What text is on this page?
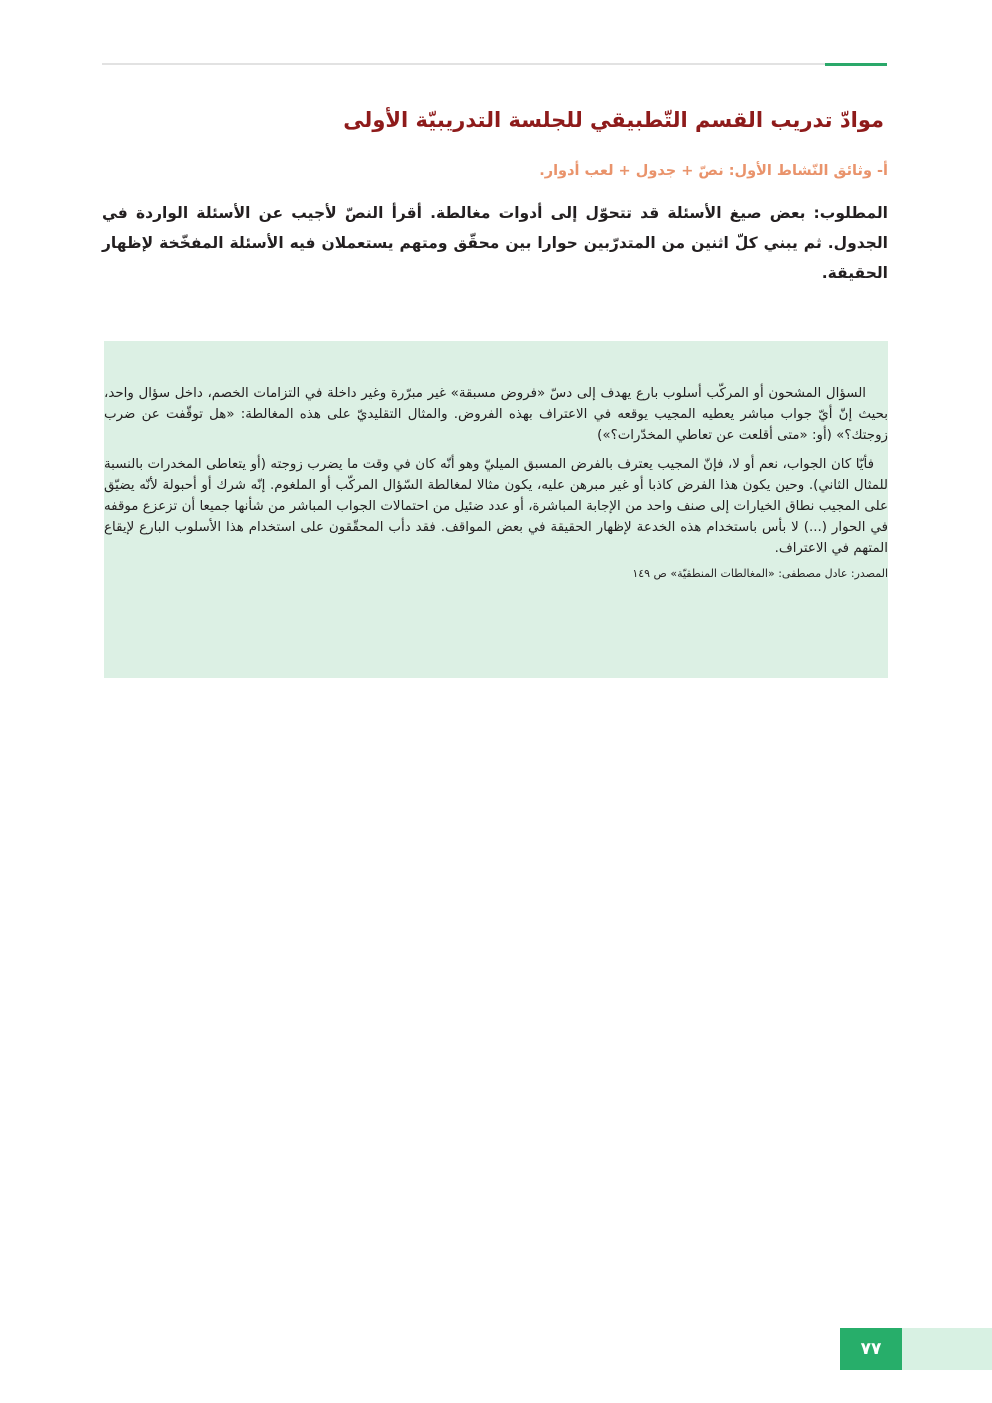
موادّ تدريب القسم التّطبيقي للجلسة التدريبيّة الأولى
أ- وثائق النّشاط الأول: نصّ + جدول + لعب أدوار.

المطلوب: بعض صيغ الأسئلة قد تتحوّل إلى أدوات مغالطة. أقرأ النصّ لأجيب عن الأسئلة الواردة في الجدول. ثم يبني كلّ اثنين من المتدرّبين حوارا بين محقّق ومتهم يستعملان فيه الأسئلة المفخّخة لإظهار الحقيقة.

السؤال المشحون أو المركّب أسلوب بارع يهدف إلى دسّ «فروض مسبقة» غير مبرّرة وغير داخلة في التزامات الخصم، داخل سؤال واحد، بحيث إنّ أيّ جواب مباشر يعطيه المجيب يوقعه في الاعتراف بهذه الفروض. والمثال التقليديّ على هذه المغالطة: «هل توقّفت عن ضرب زوجتك؟» (أو: «متى أقلعت عن تعاطي المخدّرات؟»)

فأيّا كان الجواب، نعم أو لا، فإنّ المجيب يعترف بالفرض المسبق الميليّ وهو أنّه كان في وقت ما يضرب زوجته (أو يتعاطى المخدرات بالنسبة للمثال الثاني). وحين يكون هذا الفرض كاذبا أو غير مبرهن عليه، يكون مثالا لمغالطة السّؤال المركّب أو الملغوم. إنّه شرك أو أحبولة لأنّه يضيّق على المجيب نطاق الخيارات إلى صنف واحد من الإجابة المباشرة، أو عدد ضئيل من احتمالات الجواب المباشر من شأنها جميعا أن تزعزع موقفه في الحوار (...) لا بأس باستخدام هذه الخدعة لإظهار الحقيقة في بعض المواقف. فقد دأب المحقّقون على استخدام هذا الأسلوب البارع لإيقاع المتهم في الاعتراف.

المصدر: عادل مصطفى: «المغالطات المنطقيّة» ص ١٤٩

٧٧
